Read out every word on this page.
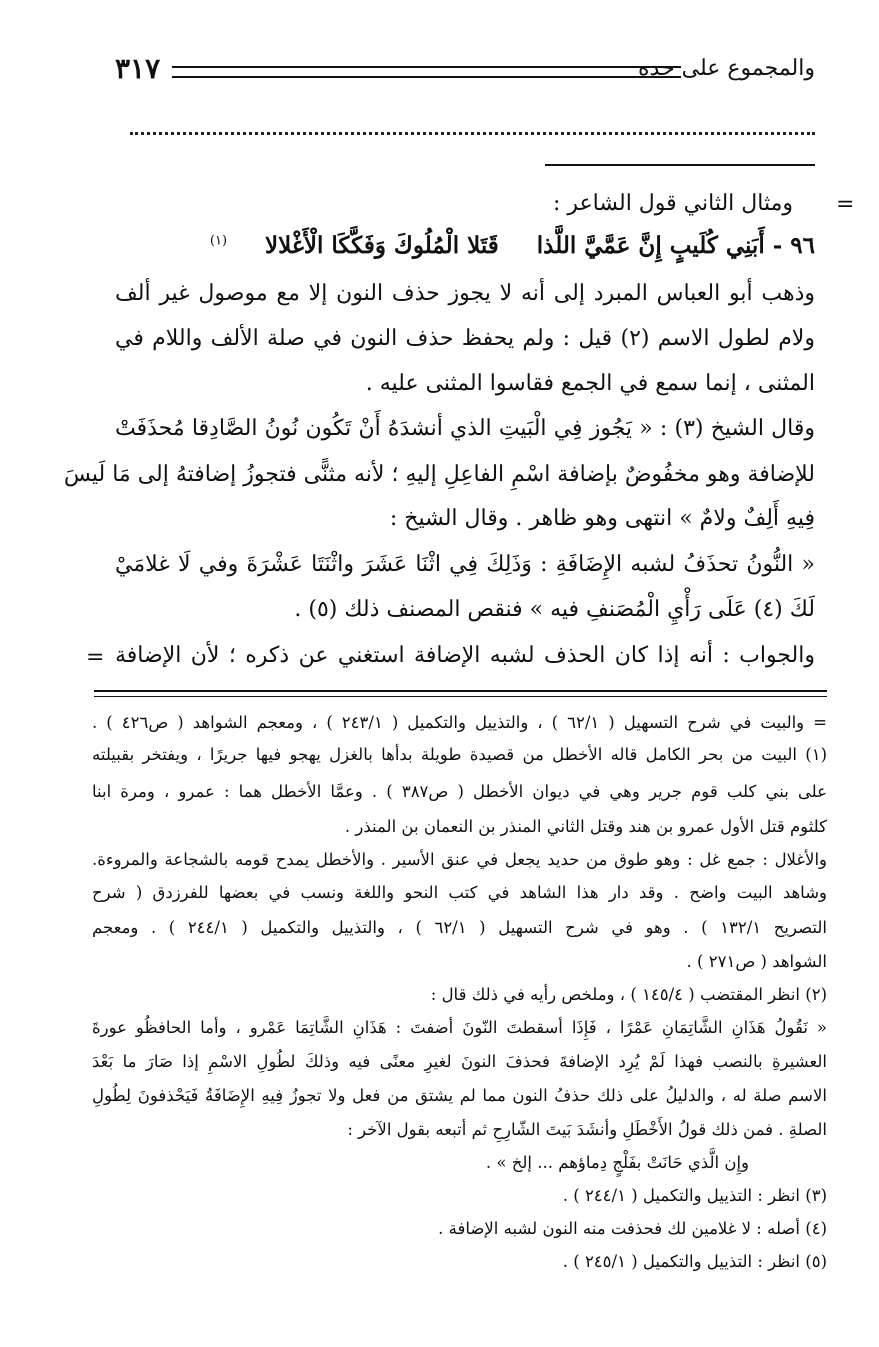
والمجموع على حده
٣١٧
=
ومثال الثاني قول الشاعر :
٩٦ - أَبَنِي كُلَيبٍ إِنَّ عَمَّيَّ اللَّذاقَتَلا الْمُلُوكَ وَفَكَّكَا الْأَغْلالا$^{(١)}$
وذهب أبو العباس المبرد إلى أنه لا يجوز حذف النون إلا مع موصول غير ألف
ولام لطول الاسم (٢) قيل : ولم يحفظ حذف النون في صلة الألف واللام في
المثنى ، إنما سمع في الجمع فقاسوا المثنى عليه .
وقال الشيخ (٣) : « يَجُوز فِي الْبَيتِ الذي أنشدَهُ أَنْ تَكُون نُونُ الصَّادِقا مُحذَفَتْ
للإضافة وهو مخفُوضٌ بإضافة اسْمِ الفاعِلِ إليهِ ؛ لأنه مثنًّى فتجوزُ إضافتهُ إلى مَا لَيسَ
فِيهِ أَلِفٌ ولامٌ » انتهى وهو ظاهر . وقال الشيخ :
« النُّونُ تحذَفُ لشبه الإِضَافَةِ : وَذَلِكَ فِي اثْنَا عَشَرَ واثْنَتَا عَشْرَةَ وفي لَا غلامَيْ
لَكَ (٤) عَلَى رَأْيِ الْمُصَنفِ فيه » فنقص المصنف ذلك (٥) .
والجواب : أنه إذا كان الحذف لشبه الإضافة استغني عن ذكره ؛ لأن الإضافة
=
= والبيت في شرح التسهيل ( ٦٢/١ ) ، والتذييل والتكميل ( ٢٤٣/١ ) ، ومعجم الشواهد ( ص٤٢٦ ) .
(١) البيت من بحر الكامل قاله الأخطل من قصيدة طويلة بدأها بالغزل يهجو فيها جريرًا ، ويفتخر بقبيلته
على بني كلب قوم جرير وهي في ديوان الأخطل ( ص٣٨٧ ) . وعمَّا الأخطل هما : عمرو ، ومرة ابنا
كلثوم قتل الأول عمرو بن هند وقتل الثاني المنذر بن النعمان بن المنذر .
والأغلال : جمع غل : وهو طوق من حديد يجعل في عنق الأسير . والأخطل يمدح قومه بالشجاعة والمروءة.
وشاهد البيت واضح . وقد دار هذا الشاهد في كتب النحو واللغة ونسب في بعضها للفرزدق ( شرح
التصريح ١٣٢/١ ) . وهو في شرح التسهيل ( ٦٢/١ ) ، والتذييل والتكميل ( ٢٤٤/١ ) . ومعجم
الشواهد ( ص٢٧١ ) .
(٢) انظر المقتضب ( ١٤٥/٤ ) ، وملخص رأيه في ذلك قال :
« نَقُولُ هَذَانِ الشَّاتِمَانِ عَمْرًا ، فَإِذَا أسقطتَ النّونَ أضفتَ : هَذَانِ الشَّاتِمَا عَمْرو ، وأما الحافظُو عورةَ
العشيرةِ بالنصب فهذا لَمْ يُرِد الإضافةَ فحذفَ النونَ لغيرِ معنًى فيه وذلكَ لطُولِ الاسْمِ إذا صَارَ ما بَعْدَ
الاسم صلة له ، والدليلُ على ذلك حذفُ النون مما لم يشتق من فعل ولا تجوزُ فِيهِ الإِضَافَةُ فَيَحْذفونَ لِطُولِ
الصلةِ . فمن ذلك قولُ الأَخْطَلِ وأنشَدَ بَيتَ الشّارِحِ ثم أتبعه بقول الآخر :
وإِن الَّذي حَانَتْ بفَلْجٍ دِماؤهم ... إلخ » .
(٣) انظر : التذييل والتكميل ( ٢٤٤/١ ) .
(٤) أصله : لا غلامين لك فحذفت منه النون لشبه الإضافة .
(٥) انظر : التذييل والتكميل ( ٢٤٥/١ ) .
